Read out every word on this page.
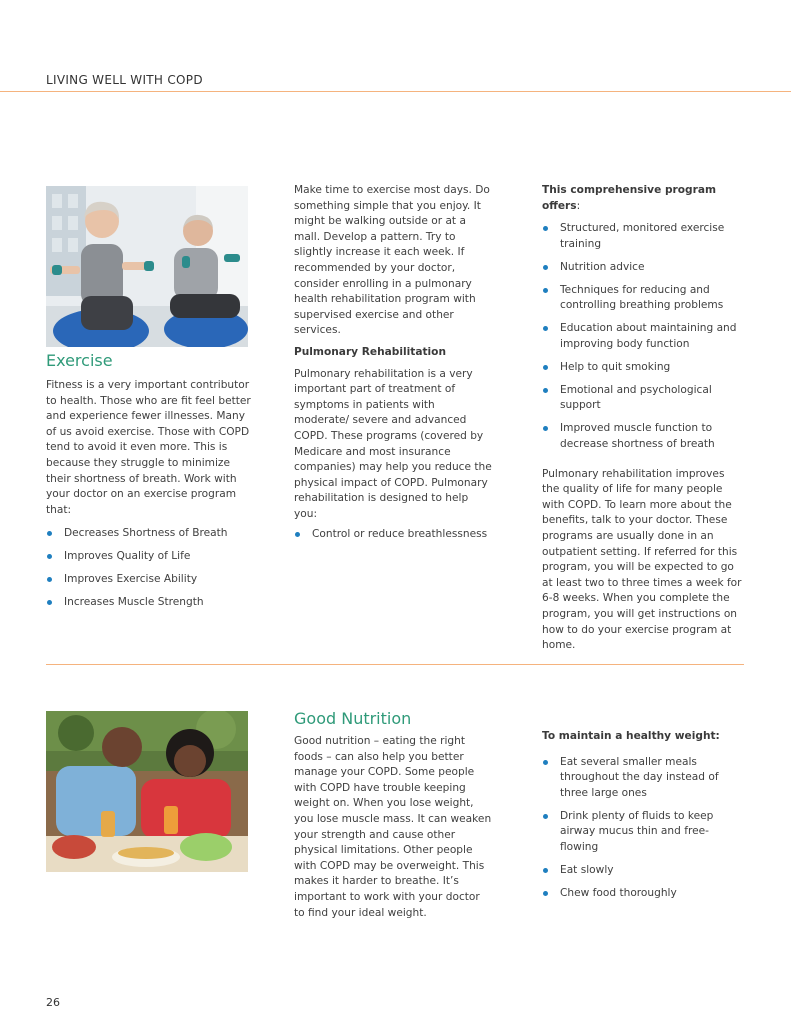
LIVING WELL WITH COPD
Exercise

Fitness is a very important contributor to health. Those who are fit feel better and experience fewer illnesses. Many of us avoid exercise. Those with COPD tend to avoid it even more. This is because they struggle to minimize their shortness of breath. Work with your doctor on an exercise program that:

Decreases Shortness of Breath
Improves Quality of Life
Improves Exercise Ability
Increases Muscle Strength

Make time to exercise most days. Do something simple that you enjoy. It might be walking outside or at a mall. Develop a pattern. Try to slightly increase it each week. If recommended by your doctor, consider enrolling in a pulmonary health rehabilitation program with supervised exercise and other services.

Pulmonary Rehabilitation

Pulmonary rehabilitation is a very important part of treatment of symptoms in patients with moderate/ severe and advanced COPD. These programs (covered by Medicare and most insurance companies) may help you reduce the physical impact of COPD. Pulmonary rehabilitation is designed to help you:

Control or reduce breathlessness

This comprehensive program offers:

Structured, monitored exercise training
Nutrition advice
Techniques for reducing and controlling breathing problems
Education about maintaining and improving body function
Help to quit smoking
Emotional and psychological support
Improved muscle function to decrease shortness of breath

Pulmonary rehabilitation improves the quality of life for many people with COPD. To learn more about the benefits, talk to your doctor. These programs are usually done in an outpatient setting. If referred for this program, you will be expected to go at least two to three times a week for 6-8 weeks. When you complete the program, you will get instructions on how to do your exercise program at home.

Good Nutrition

Good nutrition – eating the right foods – can also help you better manage your COPD. Some people with COPD have trouble keeping weight on. When you lose weight, you lose muscle mass. It can weaken your strength and cause other physical limitations. Other people with COPD may be overweight. This makes it harder to breathe. It’s important to work with your doctor to find your ideal weight.

To maintain a healthy weight:

Eat several smaller meals throughout the day instead of three large ones
Drink plenty of fluids to keep airway mucus thin and free-flowing
Eat slowly
Chew food thoroughly
26
